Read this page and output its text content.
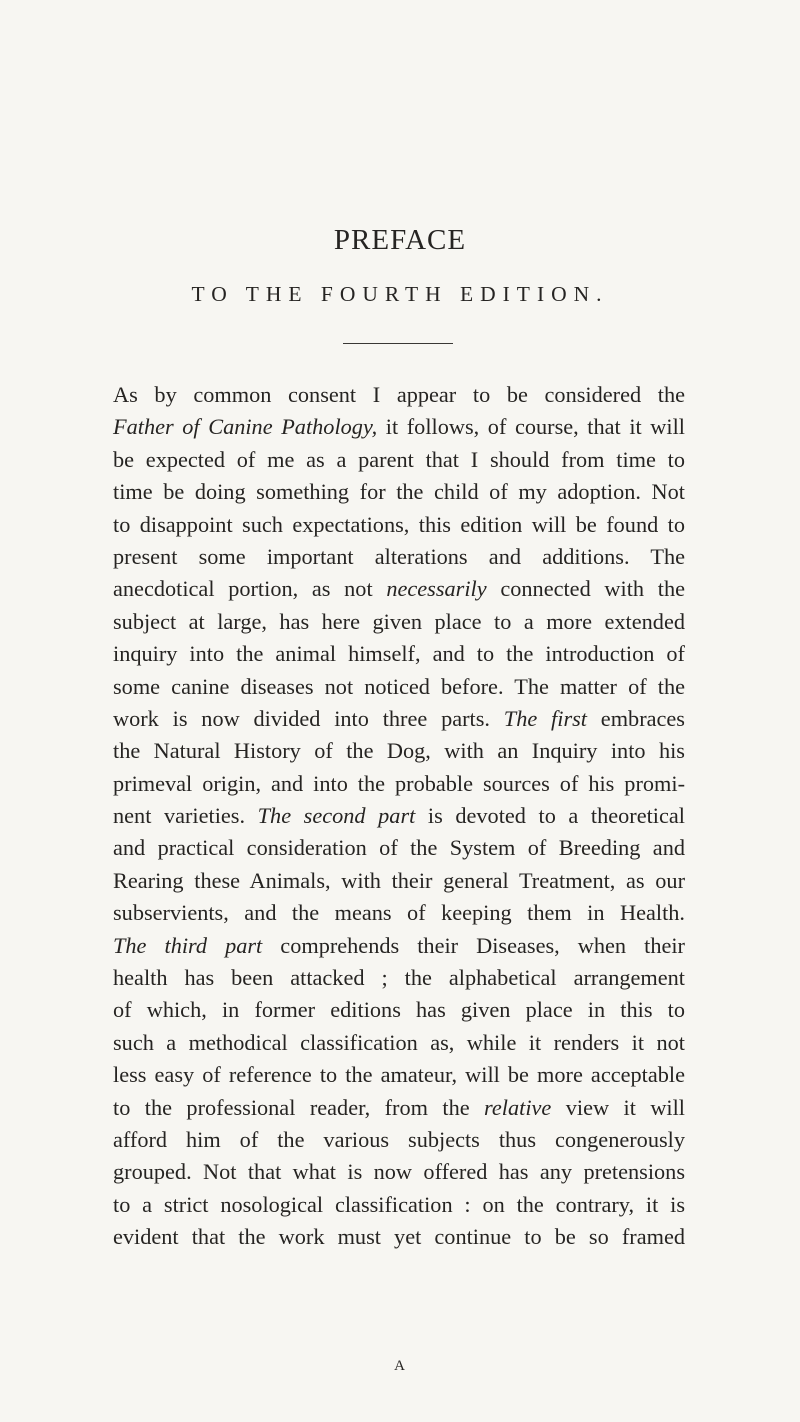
PREFACE
TO THE FOURTH EDITION.

As by common consent I appear to be considered the
Father of Canine Pathology, it follows, of course, that it will
be expected of me as a parent that I should from time to
time be doing something for the child of my adoption. Not
to disappoint such expectations, this edition will be found to
present some important alterations and additions. The
anecdotical portion, as not necessarily connected with the
subject at large, has here given place to a more extended
inquiry into the animal himself, and to the introduction of
some canine diseases not noticed before. The matter of the
work is now divided into three parts. The first embraces
the Natural History of the Dog, with an Inquiry into his
primeval origin, and into the probable sources of his promi-
nent varieties. The second part is devoted to a theoretical
and practical consideration of the System of Breeding and
Rearing these Animals, with their general Treatment, as our
subservients, and the means of keeping them in Health.
The third part comprehends their Diseases, when their
health has been attacked ; the alphabetical arrangement
of which, in former editions has given place in this to
such a methodical classification as, while it renders it not
less easy of reference to the amateur, will be more acceptable
to the professional reader, from the relative view it will
afford him of the various subjects thus congenerously
grouped. Not that what is now offered has any pretensions
to a strict nosological classification : on the contrary, it is
evident that the work must yet continue to be so framed

A
